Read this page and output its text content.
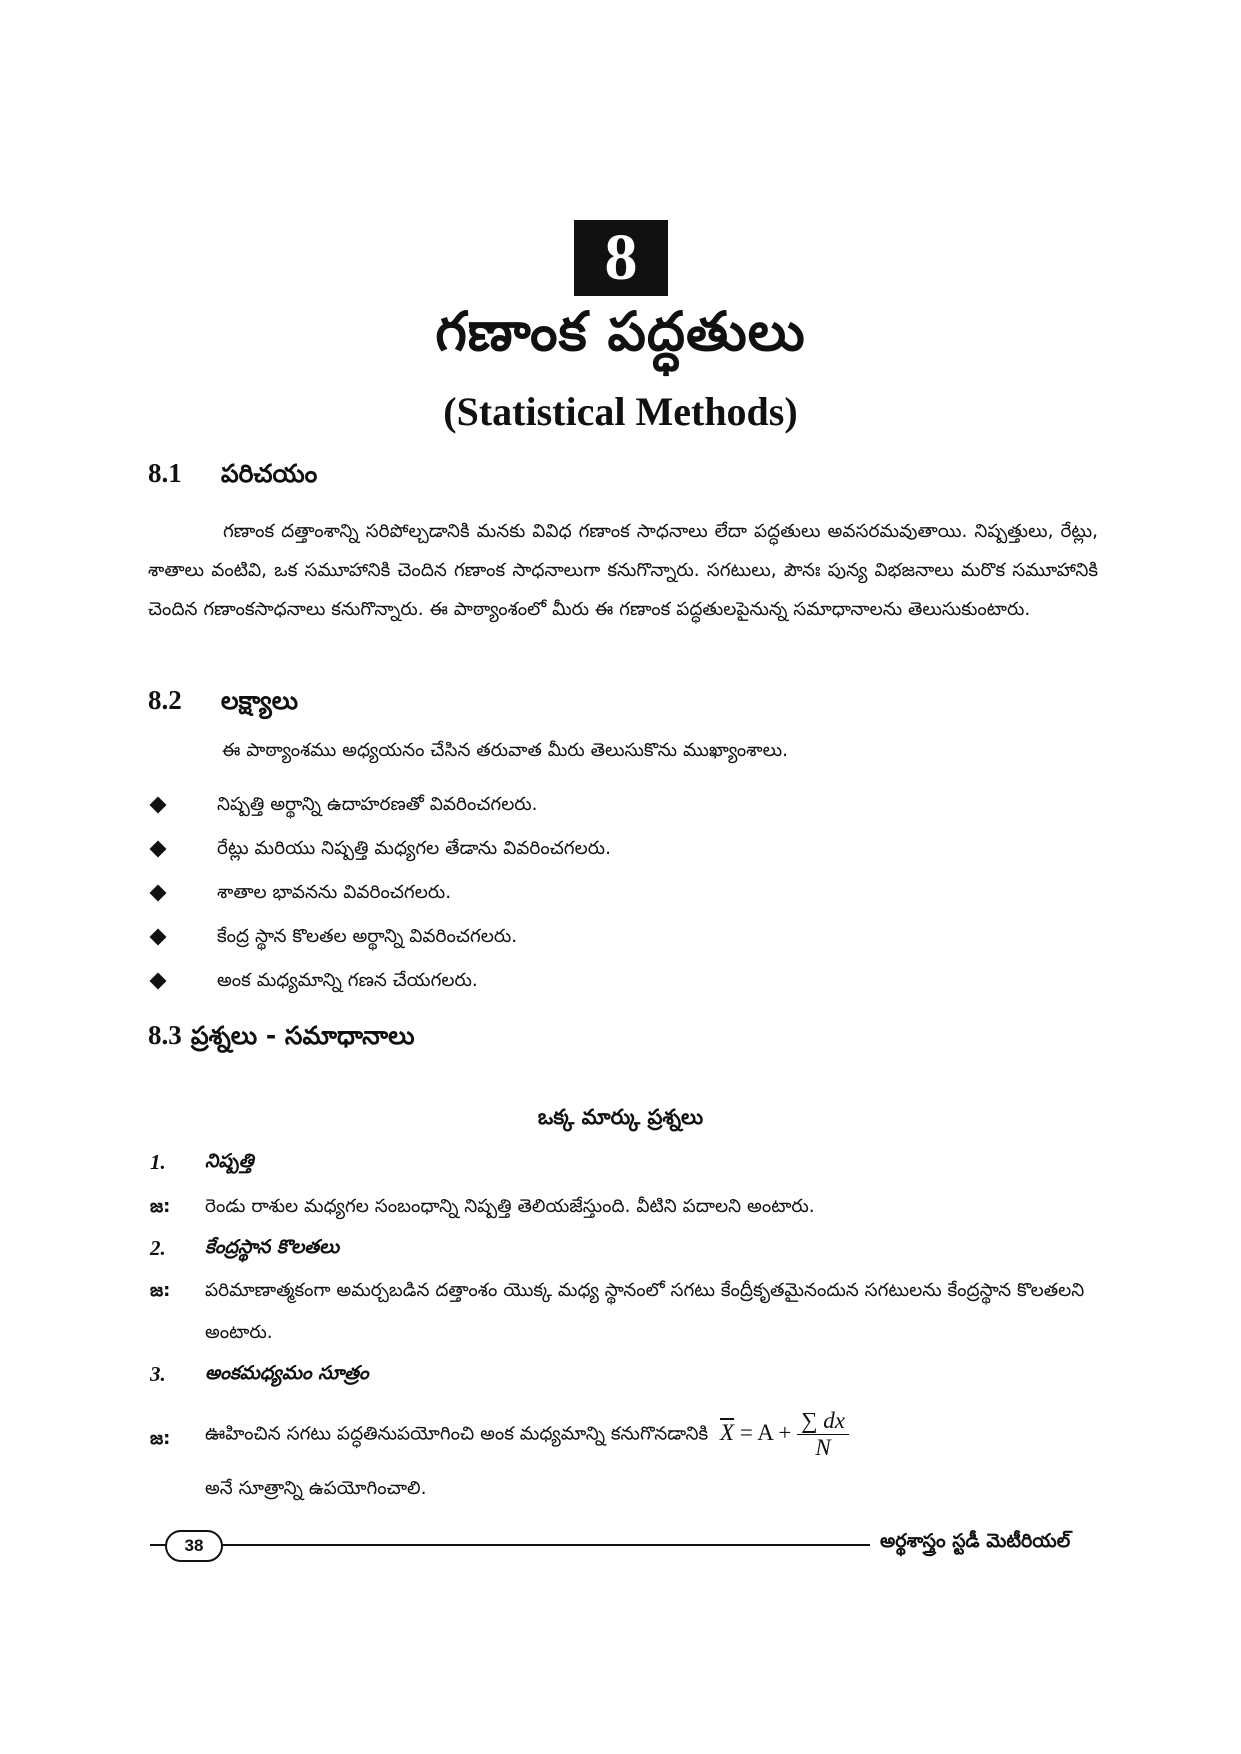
8
గణాంక పద్ధతులు
(Statistical Methods)
8.1 పరిచయం
గణాంక దత్తాంశాన్ని సరిపోల్చడానికి మనకు వివిధ గణాంక సాధనాలు లేదా పద్ధతులు అవసరమవుతాయి. నిష్పత్తులు, రేట్లు, శాతాలు వంటివి, ఒక సమూహానికి చెందిన గణాంక సాధనాలుగా కనుగొన్నారు. సగటులు, పౌనః పున్య విభజనాలు మరొక సమూహానికి చెందిన గణాంకసాధనాలు కనుగొన్నారు. ఈ పాఠ్యాంశంలో మీరు ఈ గణాంక పద్ధతులపైనున్న సమాధానాలను తెలుసుకుంటారు.
8.2 లక్ష్యాలు
ఈ పాఠ్యాంశము అధ్యయనం చేసిన తరువాత మీరు తెలుసుకొను ముఖ్యాంశాలు.
నిష్పత్తి అర్థాన్ని ఉదాహరణతో వివరించగలరు.
రేట్లు మరియు నిష్పత్తి మధ్యగల తేడాను వివరించగలరు.
శాతాల భావనను వివరించగలరు.
కేంద్ర స్థాన కొలతల అర్థాన్ని వివరించగలరు.
అంక మధ్యమాన్ని గణన చేయగలరు.
8.3 ప్రశ్నలు - సమాధానాలు
ఒక్క మార్కు ప్రశ్నలు
1. నిష్పత్తి
జ: రెండు రాశుల మధ్యగల సంబంధాన్ని నిష్పత్తి తెలియజేస్తుంది. వీటిని పదాలని అంటారు.
2. కేంద్రస్థాన కొలతలు
జ: పరిమాణాత్మకంగా అమర్చబడిన దత్తాంశం యొక్క మధ్య స్థానంలో సగటు కేంద్రీకృతమైనందున సగటులను కేంద్రస్థాన కొలతలని అంటారు.
3. అంకమధ్యమం సూత్రం
జ: ఊహించిన సగటు పద్ధతినుపయోగించి అంక మధ్యమాన్ని కనుగొనడానికి $\overline{X} = A + \frac{\sum dx}{N}$
అనే సూత్రాన్ని ఉపయోగించాలి.
38	అర్థశాస్త్రం స్టడీ మెటీరియల్
